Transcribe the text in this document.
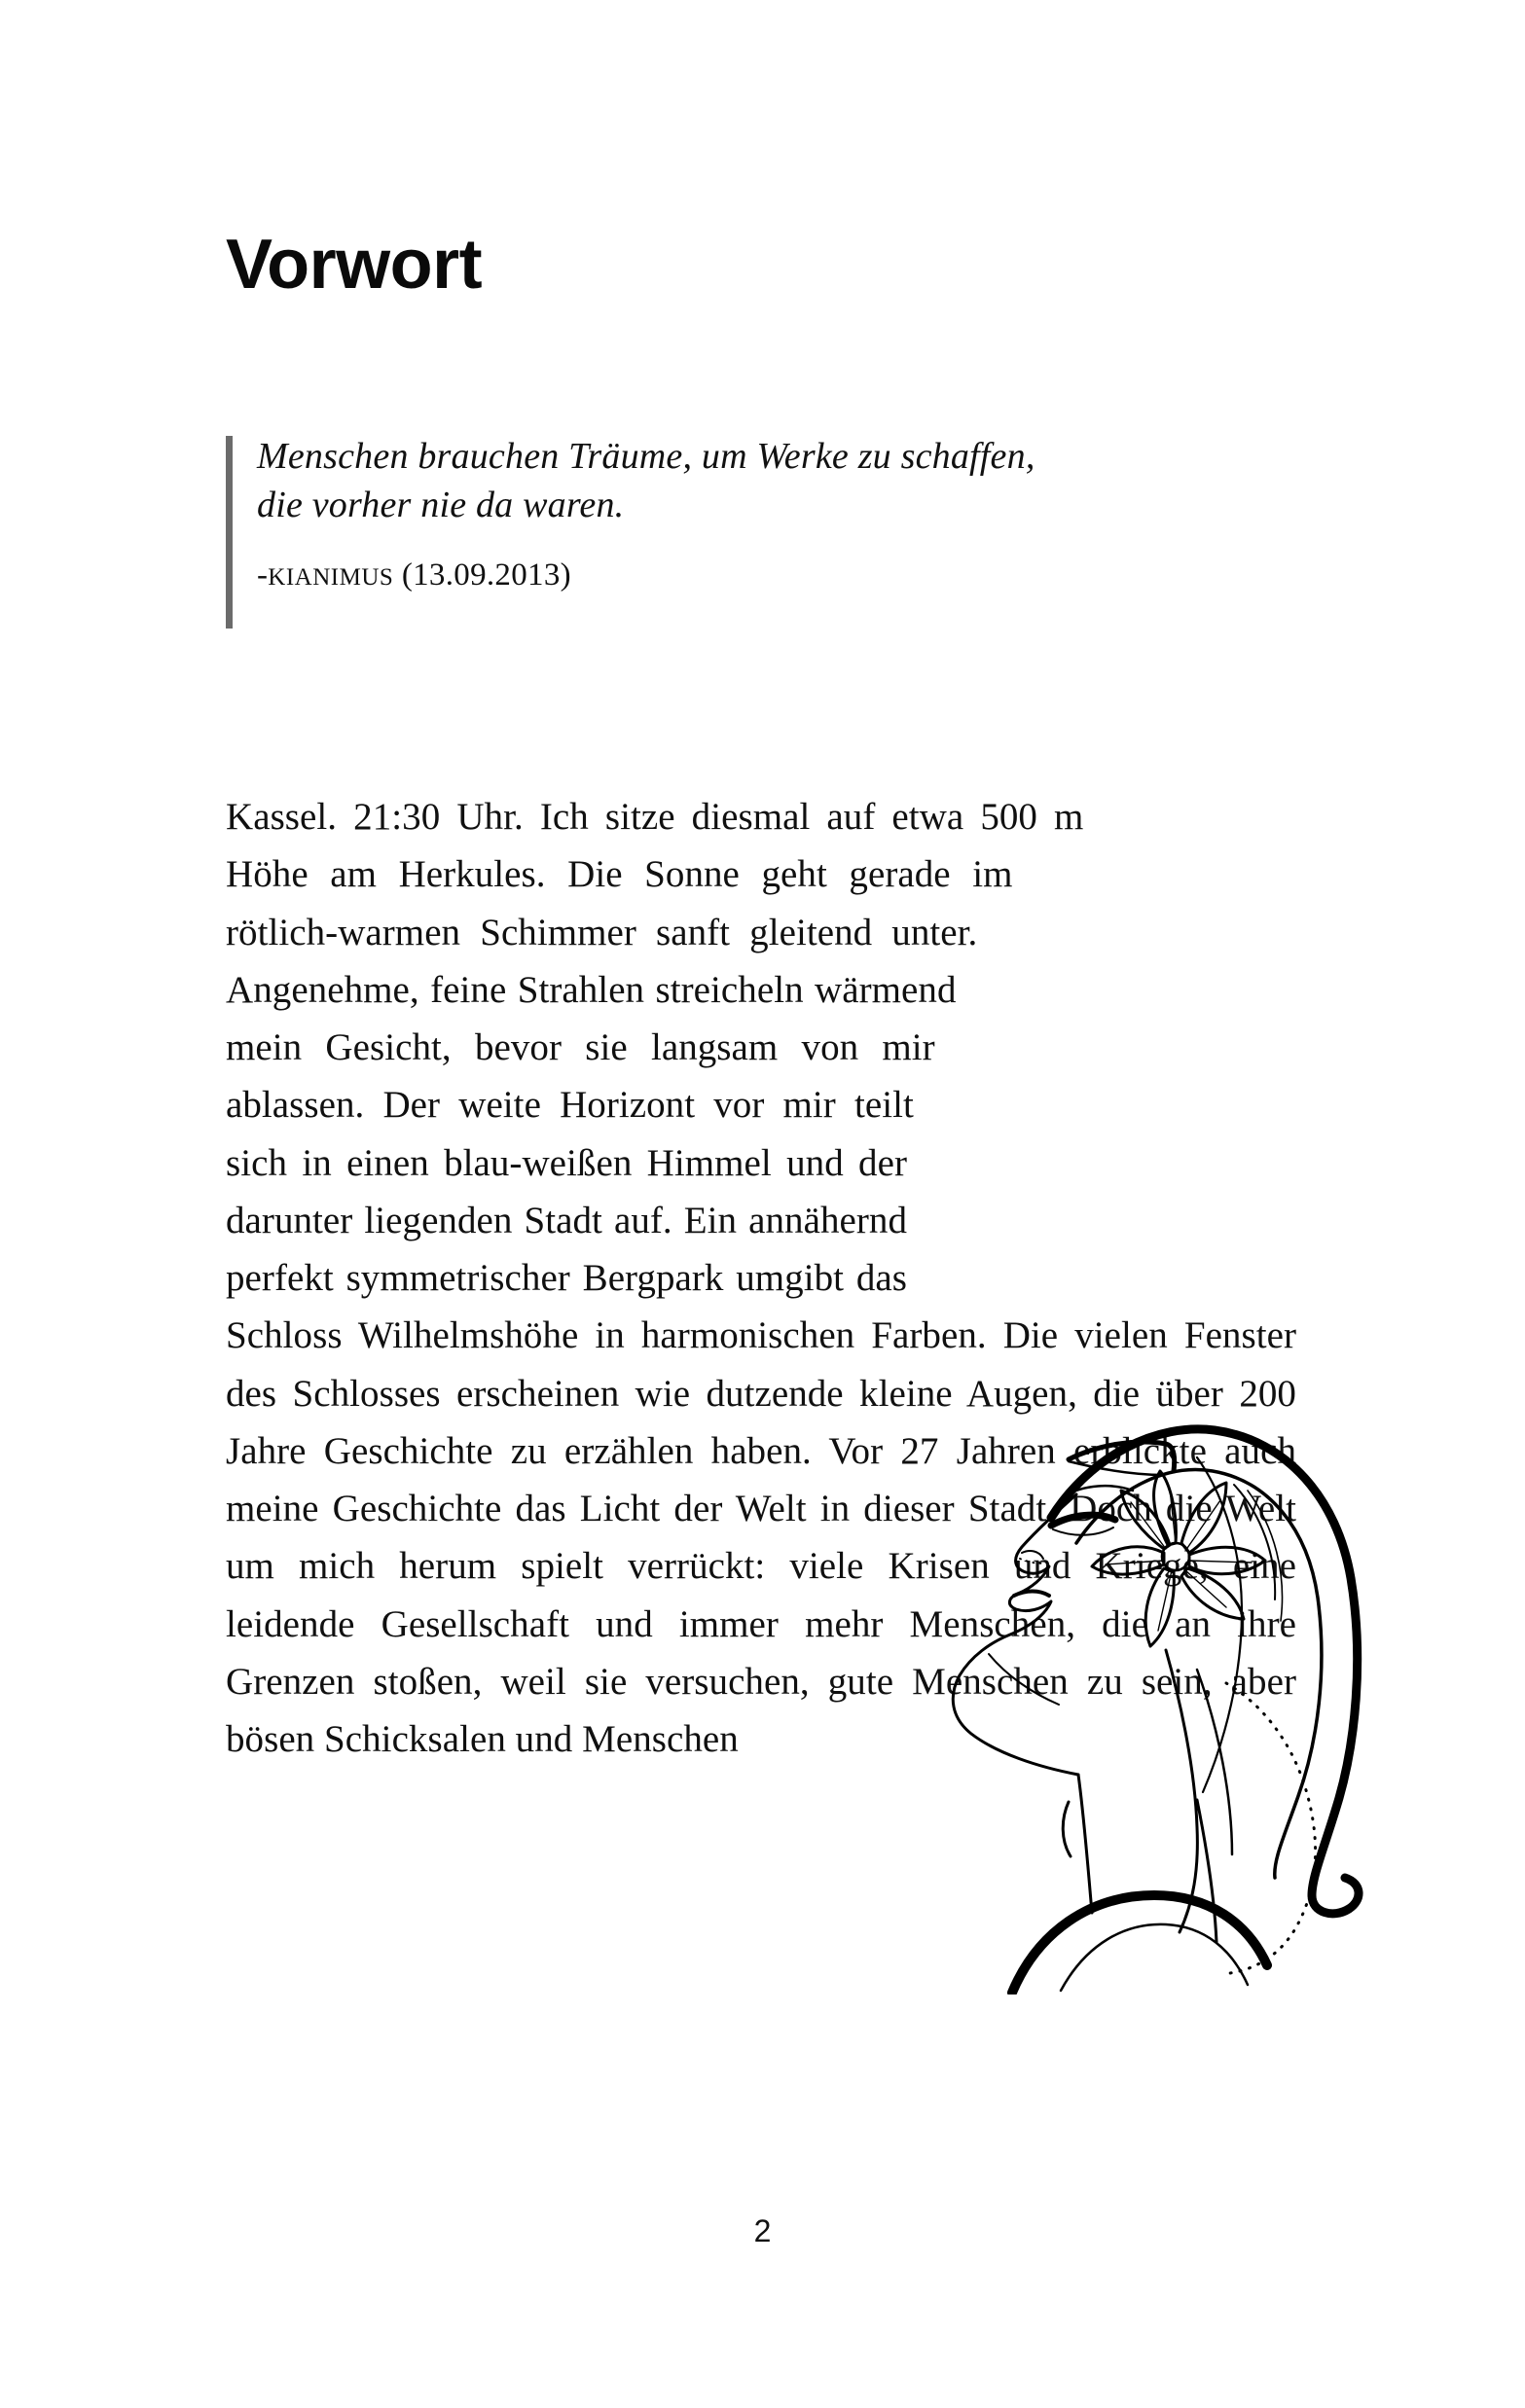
Vorwort

Menschen brauchen Träume, um Werke zu schaffen,
die vorher nie da waren.

-kianimus (13.09.2013)

Kassel. 21:30 Uhr. Ich sitze diesmal auf etwa 500 m Höhe am Herkules. Die Sonne geht gerade im rötlich-warmen Schimmer sanft gleitend unter. Angenehme, feine Strahlen streicheln wärmend mein Gesicht, bevor sie langsam von mir ablassen. Der weite Horizont vor mir teilt sich in einen blau-weißen Himmel und der darunter liegenden Stadt auf. Ein annähernd perfekt symmetrischer Bergpark umgibt das Schloss Wilhelmshöhe in harmonischen Farben. Die vielen Fenster des Schlosses erscheinen wie dutzende kleine Augen, die über 200 Jahre Geschichte zu erzählen haben. Vor 27 Jahren erblickte auch meine Geschichte das Licht der Welt in dieser Stadt. Doch die Welt um mich herum spielt verrückt: viele Krisen und Kriege, eine leidende Gesellschaft und immer mehr Menschen, die an ihre Grenzen stoßen, weil sie versuchen, gute Menschen zu sein, aber bösen Schicksalen und Menschen

2
